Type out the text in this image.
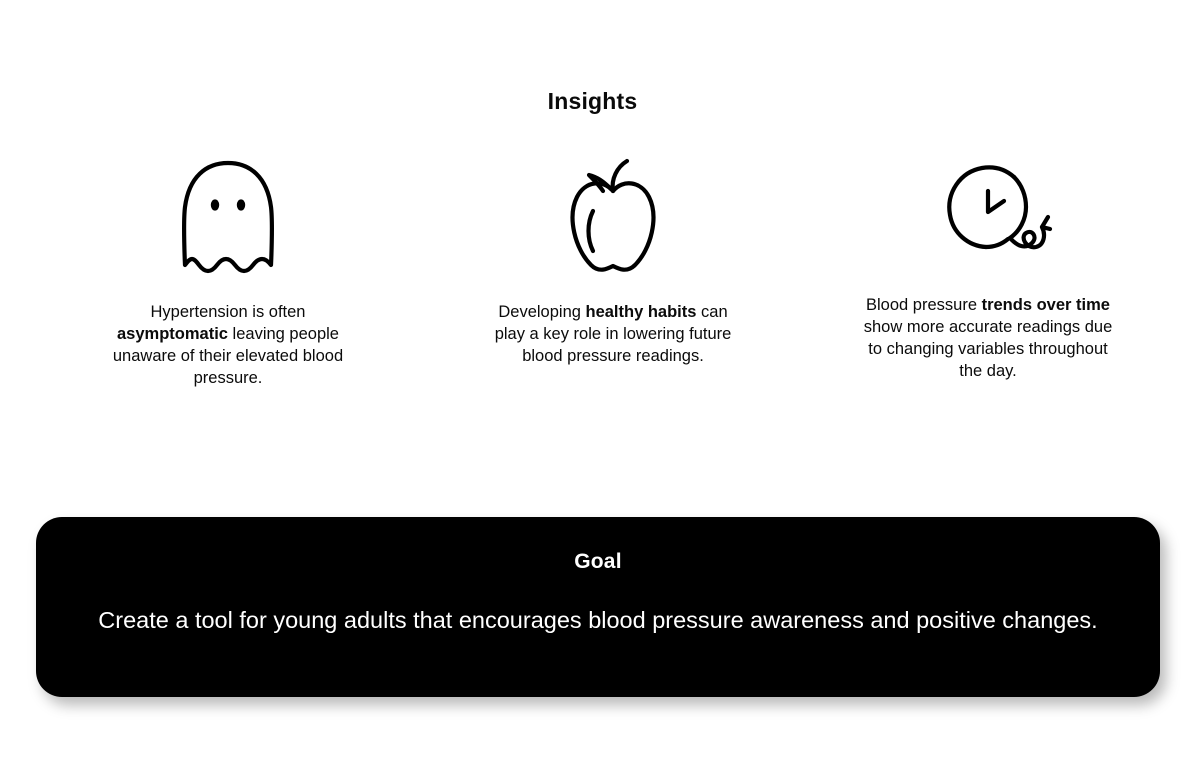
Insights
Hypertension is often asymptomatic leaving people unaware of their elevated blood pressure.
Developing healthy habits can play a key role in lowering future blood pressure readings.
Blood pressure trends over time show more accurate readings due to changing variables throughout the day.
Goal
Create a tool for young adults that encourages blood pressure awareness and positive changes.
